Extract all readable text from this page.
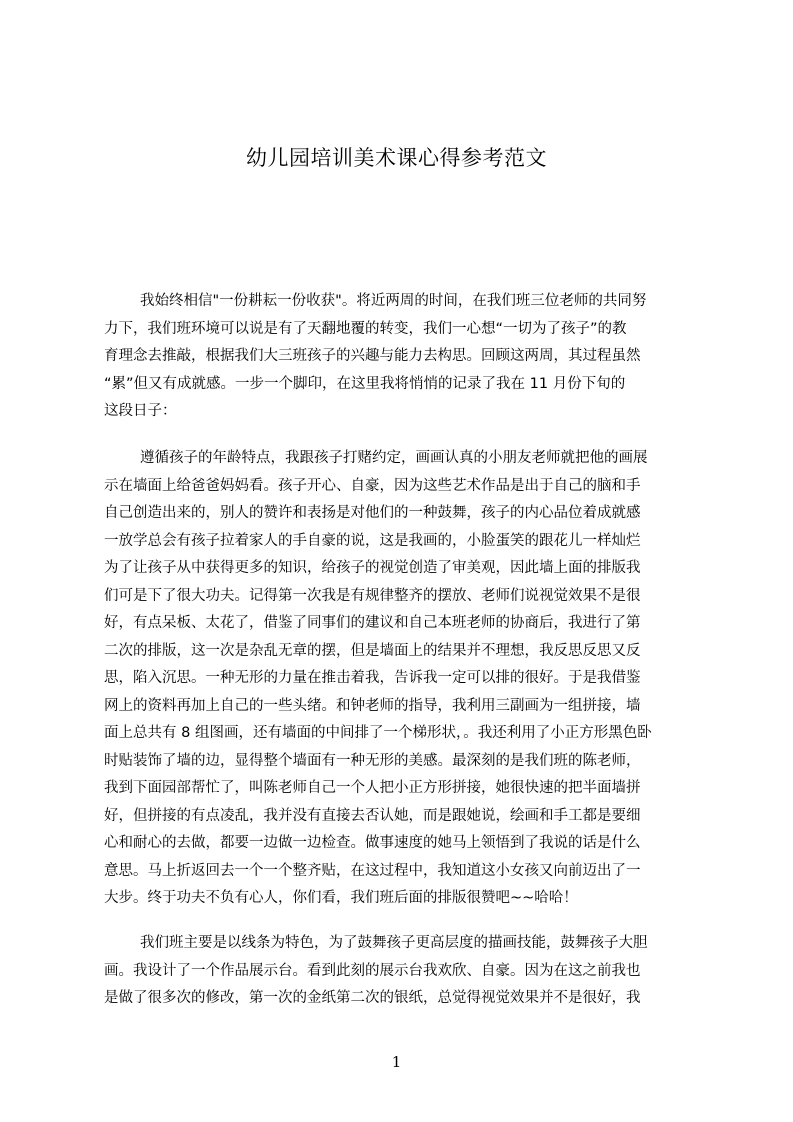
幼儿园培训美术课心得参考范文
我始终相信"一份耕耘一份收获"。将近两周的时间，在我们班三位老师的共同努
力下，我们班环境可以说是有了天翻地覆的转变，我们一心想“一切为了孩子”的教
育理念去推敲，根据我们大三班孩子的兴趣与能力去构思。回顾这两周，其过程虽然
“累”但又有成就感。一步一个脚印，在这里我将悄悄的记录了我在 11 月份下旬的
这段日子：
遵循孩子的年龄特点，我跟孩子打赌约定，画画认真的小朋友老师就把他的画展
示在墙面上给爸爸妈妈看。孩子开心、自豪，因为这些艺术作品是出于自己的脑和手
自己创造出来的，别人的赞许和表扬是对他们的一种鼓舞，孩子的内心品位着成就感
一放学总会有孩子拉着家人的手自豪的说，这是我画的，小脸蛋笑的跟花儿一样灿烂
为了让孩子从中获得更多的知识，给孩子的视觉创造了审美观，因此墙上面的排版我
们可是下了很大功夫。记得第一次我是有规律整齐的摆放、老师们说视觉效果不是很
好，有点呆板、太花了，借鉴了同事们的建议和自己本班老师的协商后，我进行了第
二次的排版，这一次是杂乱无章的摆，但是墙面上的结果并不理想，我反思反思又反
思，陷入沉思。一种无形的力量在推击着我，告诉我一定可以排的很好。于是我借鉴
网上的资料再加上自己的一些头绪。和钟老师的指导，我利用三副画为一组拼接，墙
面上总共有 8 组图画，还有墙面的中间排了一个梯形状，。我还利用了小正方形黑色卧
时贴装饰了墙的边，显得整个墙面有一种无形的美感。最深刻的是我们班的陈老师，
我到下面园部帮忙了，叫陈老师自己一个人把小正方形拼接，她很快速的把半面墙拼
好，但拼接的有点凌乱，我并没有直接去否认她，而是跟她说，绘画和手工都是要细
心和耐心的去做，都要一边做一边检查。做事速度的她马上领悟到了我说的话是什么
意思。马上折返回去一个一个整齐贴，在这过程中，我知道这小女孩又向前迈出了一
大步。终于功夫不负有心人，你们看，我们班后面的排版很赞吧~~哈哈！
我们班主要是以线条为特色，为了鼓舞孩子更高层度的描画技能，鼓舞孩子大胆
画。我设计了一个作品展示台。看到此刻的展示台我欢欣、自豪。因为在这之前我也
是做了很多次的修改，第一次的金纸第二次的银纸，总觉得视觉效果并不是很好，我
1
